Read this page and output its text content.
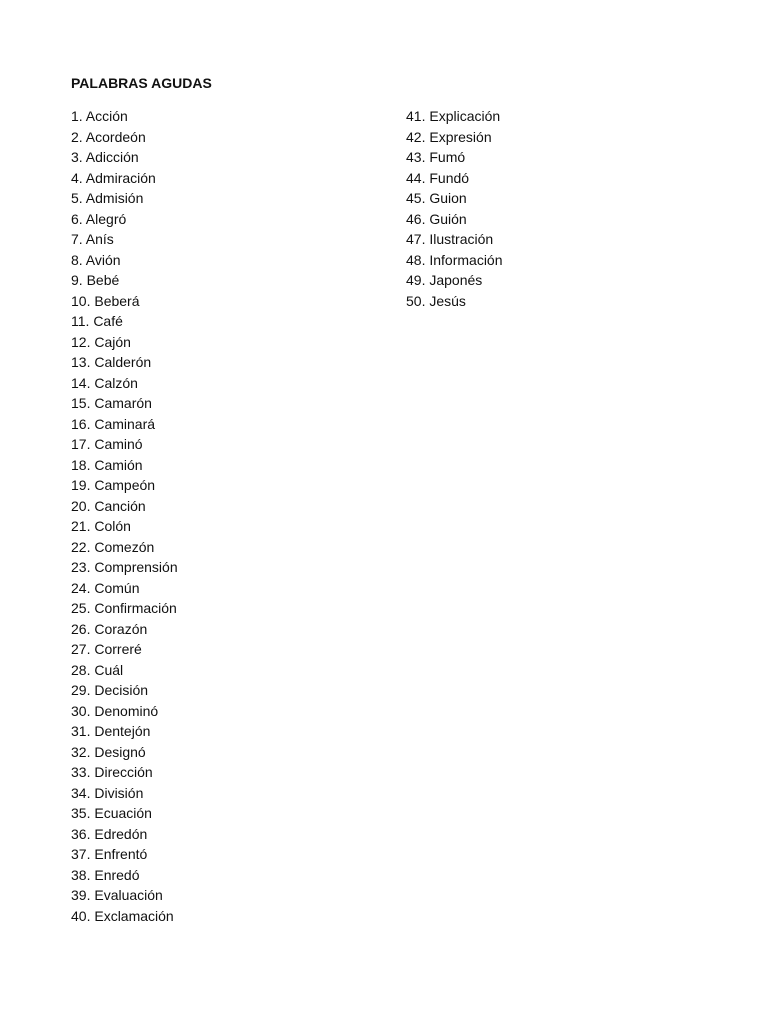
PALABRAS AGUDAS
1. Acción
2. Acordeón
3. Adicción
4. Admiración
5. Admisión
6. Alegró
7. Anís
8. Avión
9. Bebé
10. Beberá
11. Café
12. Cajón
13. Calderón
14. Calzón
15. Camarón
16. Caminará
17. Caminó
18. Camión
19. Campeón
20. Canción
21. Colón
22. Comezón
23. Comprensión
24. Común
25. Confirmación
26. Corazón
27. Correré
28. Cuál
29. Decisión
30. Denominó
31. Dentejón
32. Designó
33. Dirección
34. División
35. Ecuación
36. Edredón
37. Enfrentó
38. Enredó
39. Evaluación
40. Exclamación
41. Explicación
42. Expresión
43. Fumó
44. Fundó
45. Guion
46. Guión
47. Ilustración
48. Información
49. Japonés
50. Jesús
